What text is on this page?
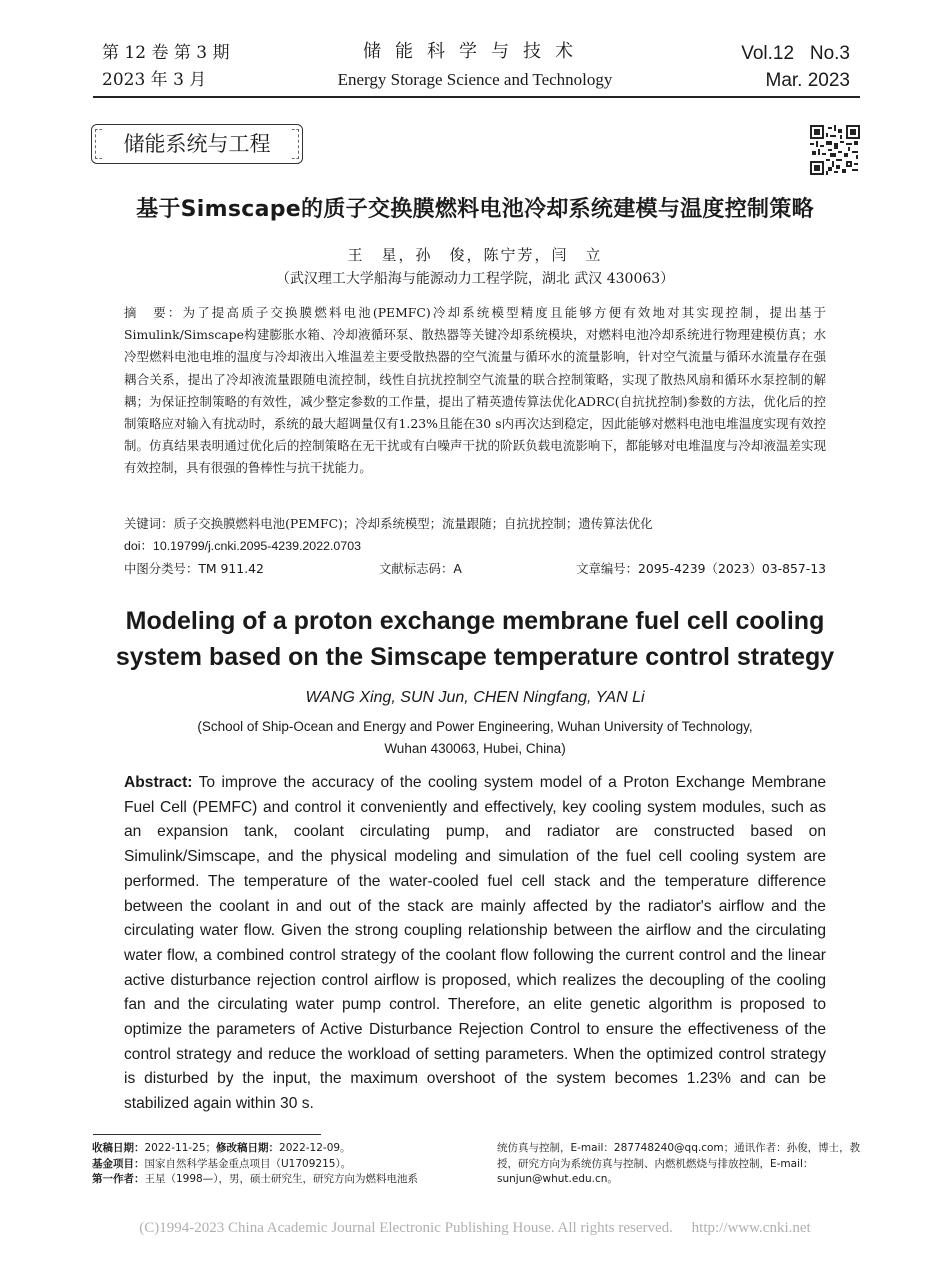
第 12 卷 第 3 期
2023 年 3 月
储能科学与技术
Energy Storage Science and Technology
Vol.12   No.3
Mar. 2023
储能系统与工程
基于Simscape的质子交换膜燃料电池冷却系统建模与温度控制策略
王　星，孙　俊，陈宁芳，闫　立
（武汉理工大学船海与能源动力工程学院，湖北 武汉 430063）
摘　要：为了提高质子交换膜燃料电池(PEMFC)冷却系统模型精度且能够方便有效地对其实现控制，提出基于Simulink/Simscape构建膨胀水箱、冷却液循环泵、散热器等关键冷却系统模块，对燃料电池冷却系统进行物理建模仿真；水冷型燃料电池电堆的温度与冷却液出入堆温差主要受散热器的空气流量与循环水的流量影响，针对空气流量与循环水流量存在强耦合关系，提出了冷却液流量跟随电流控制，线性自抗扰控制空气流量的联合控制策略，实现了散热风扇和循环水泵控制的解耦；为保证控制策略的有效性，减少整定参数的工作量，提出了精英遗传算法优化ADRC(自抗扰控制)参数的方法，优化后的控制策略应对输入有扰动时，系统的最大超调量仅有1.23%且能在30 s内再次达到稳定，因此能够对燃料电池电堆温度实现有效控制。仿真结果表明通过优化后的控制策略在无干扰或有白噪声干扰的阶跃负载电流影响下，都能够对电堆温度与冷却液温差实现有效控制，具有很强的鲁棒性与抗干扰能力。
关键词：质子交换膜燃料电池(PEMFC)；冷却系统模型；流量跟随；自抗扰控制；遗传算法优化
doi：10.19799/j.cnki.2095-4239.2022.0703
中图分类号：TM 911.42	文献标志码：A	文章编号：2095-4239（2023）03-857-13
Modeling of a proton exchange membrane fuel cell cooling
system based on the Simscape temperature control strategy
WANG Xing, SUN Jun, CHEN Ningfang, YAN Li
(School of Ship-Ocean and Energy and Power Engineering, Wuhan University of Technology,
Wuhan 430063, Hubei, China)
Abstract: To improve the accuracy of the cooling system model of a Proton Exchange Membrane Fuel Cell (PEMFC) and control it conveniently and effectively, key cooling system modules, such as an expansion tank, coolant circulating pump, and radiator are constructed based on Simulink/Simscape, and the physical modeling and simulation of the fuel cell cooling system are performed. The temperature of the water-cooled fuel cell stack and the temperature difference between the coolant in and out of the stack are mainly affected by the radiator's airflow and the circulating water flow. Given the strong coupling relationship between the airflow and the circulating water flow, a combined control strategy of the coolant flow following the current control and the linear active disturbance rejection control airflow is proposed, which realizes the decoupling of the cooling fan and the circulating water pump control. Therefore, an elite genetic algorithm is proposed to optimize the parameters of Active Disturbance Rejection Control to ensure the effectiveness of the control strategy and reduce the workload of setting parameters. When the optimized control strategy is disturbed by the input, the maximum overshoot of the system becomes 1.23% and can be stabilized again within 30 s.
收稿日期：2022-11-25；修改稿日期：2022-12-09。
基金项目：国家自然科学基金重点项目（U1709215）。
第一作者：王星（1998—），男，硕士研究生，研究方向为燃料电池系
统仿真与控制，E-mail：287748240@qq.com；通讯作者：孙俊，博士，教授，研究方向为系统仿真与控制、内燃机燃烧与排放控制，E-mail：sunjun@whut.edu.cn。
(C)1994-2023 China Academic Journal Electronic Publishing House. All rights reserved.     http://www.cnki.net
